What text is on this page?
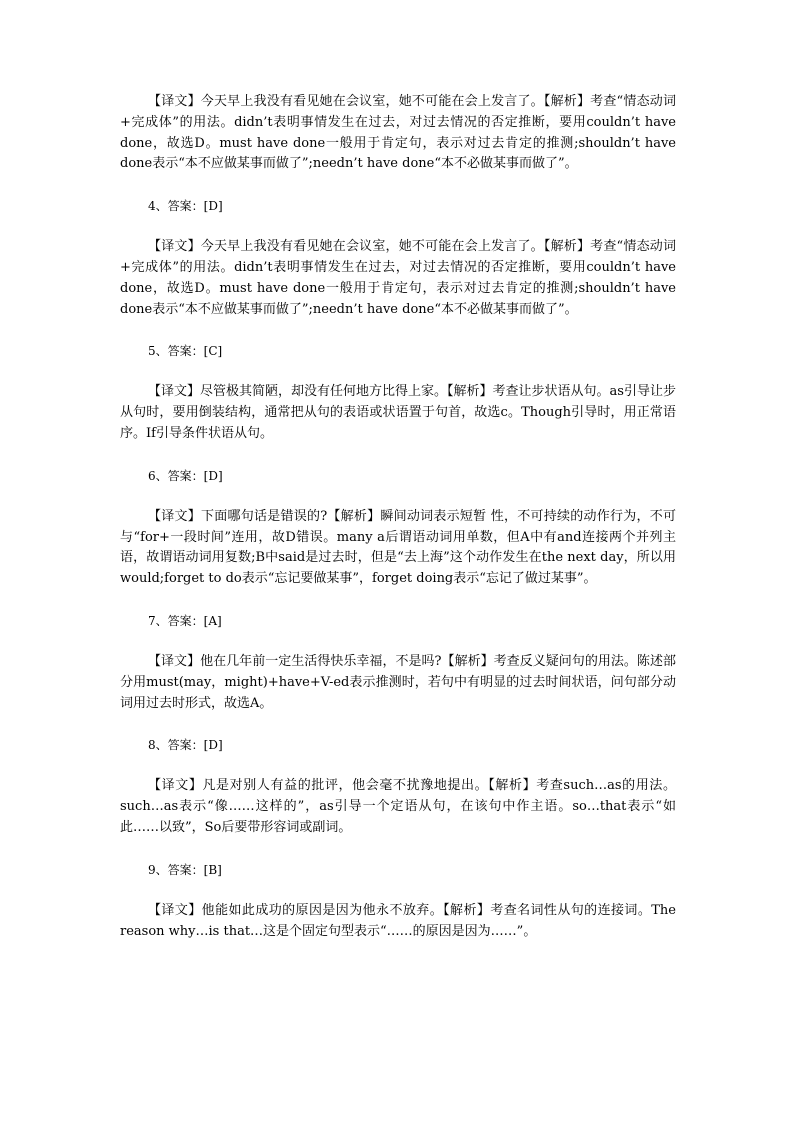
【译文】今天早上我没有看见她在会议室，她不可能在会上发言了。【解析】考查“情态动词+完成体”的用法。didn’t表明事情发生在过去，对过去情况的否定推断，要用couldn’t have done，故选D。must have done一般用于肯定句，表示对过去肯定的推测;shouldn’t have done表示“本不应做某事而做了”;needn’t have done“本不必做某事而做了”。

4、答案：[D]

【译文】今天早上我没有看见她在会议室，她不可能在会上发言了。【解析】考查“情态动词+完成体”的用法。didn’t表明事情发生在过去，对过去情况的否定推断，要用couldn’t have done，故选D。must have done一般用于肯定句，表示对过去肯定的推测;shouldn’t have done表示“本不应做某事而做了”;needn’t have done“本不必做某事而做了”。

5、答案：[C]

【译文】尽管极其简陋，却没有任何地方比得上家。【解析】考查让步状语从句。as引导让步从句时，要用倒装结构，通常把从句的表语或状语置于句首，故选c。Though引导时，用正常语序。If引导条件状语从句。

6、答案：[D]

【译文】下面哪句话是错误的?【解析】瞬间动词表示短暂 性，不可持续的动作行为，不可与“for+一段时间”连用，故D错误。many a后谓语动词用单数，但A中有and连接两个并列主语，故谓语动词用复数;B中said是过去时，但是“去上海”这个动作发生在the next day，所以用would;forget to do表示“忘记要做某事”，forget doing表示“忘记了做过某事”。

7、答案：[A]

【译文】他在几年前一定生活得快乐幸福，不是吗?【解析】考查反义疑问句的用法。陈述部分用must(may，might)+have+V-ed表示推测时，若句中有明显的过去时间状语，问句部分动词用过去时形式，故选A。

8、答案：[D]

【译文】凡是对别人有益的批评，他会毫不扰豫地提出。【解析】考查such…as的用法。such…as表示“像……这样的”，as引导一个定语从句，在该句中作主语。so…that表示“如此……以致”，So后要带形容词或副词。

9、答案：[B]

【译文】他能如此成功的原因是因为他永不放弃。【解析】考查名词性从句的连接词。The reason why…is that…这是个固定句型表示“……的原因是因为……”。
